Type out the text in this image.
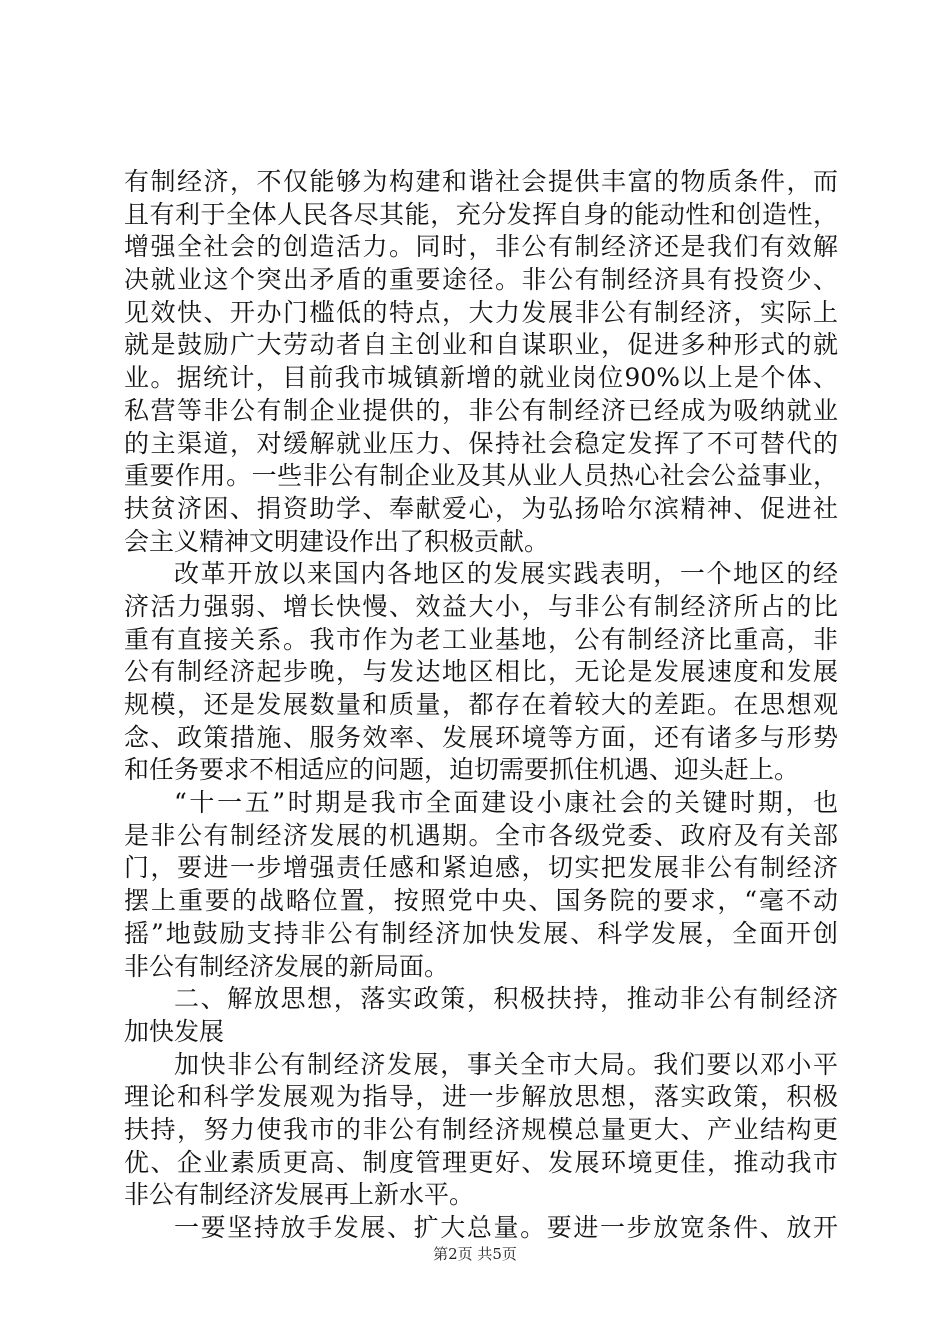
有制经济，不仅能够为构建和谐社会提供丰富的物质条件，而
且有利于全体人民各尽其能，充分发挥自身的能动性和创造性，
增强全社会的创造活力。同时，非公有制经济还是我们有效解
决就业这个突出矛盾的重要途径。非公有制经济具有投资少、
见效快、开办门槛低的特点，大力发展非公有制经济，实际上
就是鼓励广大劳动者自主创业和自谋职业，促进多种形式的就
业。据统计，目前我市城镇新增的就业岗位90%以上是个体、
私营等非公有制企业提供的，非公有制经济已经成为吸纳就业
的主渠道，对缓解就业压力、保持社会稳定发挥了不可替代的
重要作用。一些非公有制企业及其从业人员热心社会公益事业，
扶贫济困、捐资助学、奉献爱心，为弘扬哈尔滨精神、促进社
会主义精神文明建设作出了积极贡献。
改革开放以来国内各地区的发展实践表明，一个地区的经
济活力强弱、增长快慢、效益大小，与非公有制经济所占的比
重有直接关系。我市作为老工业基地，公有制经济比重高，非
公有制经济起步晚，与发达地区相比，无论是发展速度和发展
规模，还是发展数量和质量，都存在着较大的差距。在思想观
念、政策措施、服务效率、发展环境等方面，还有诸多与形势
和任务要求不相适应的问题，迫切需要抓住机遇、迎头赶上。
“十一五”时期是我市全面建设小康社会的关键时期，也
是非公有制经济发展的机遇期。全市各级党委、政府及有关部
门，要进一步增强责任感和紧迫感，切实把发展非公有制经济
摆上重要的战略位置，按照党中央、国务院的要求，“毫不动
摇”地鼓励支持非公有制经济加快发展、科学发展，全面开创
非公有制经济发展的新局面。
二、解放思想，落实政策，积极扶持，推动非公有制经济
加快发展
加快非公有制经济发展，事关全市大局。我们要以邓小平
理论和科学发展观为指导，进一步解放思想，落实政策，积极
扶持，努力使我市的非公有制经济规模总量更大、产业结构更
优、企业素质更高、制度管理更好、发展环境更佳，推动我市
非公有制经济发展再上新水平。
一要坚持放手发展、扩大总量。要进一步放宽条件、放开
第2页 共5页
